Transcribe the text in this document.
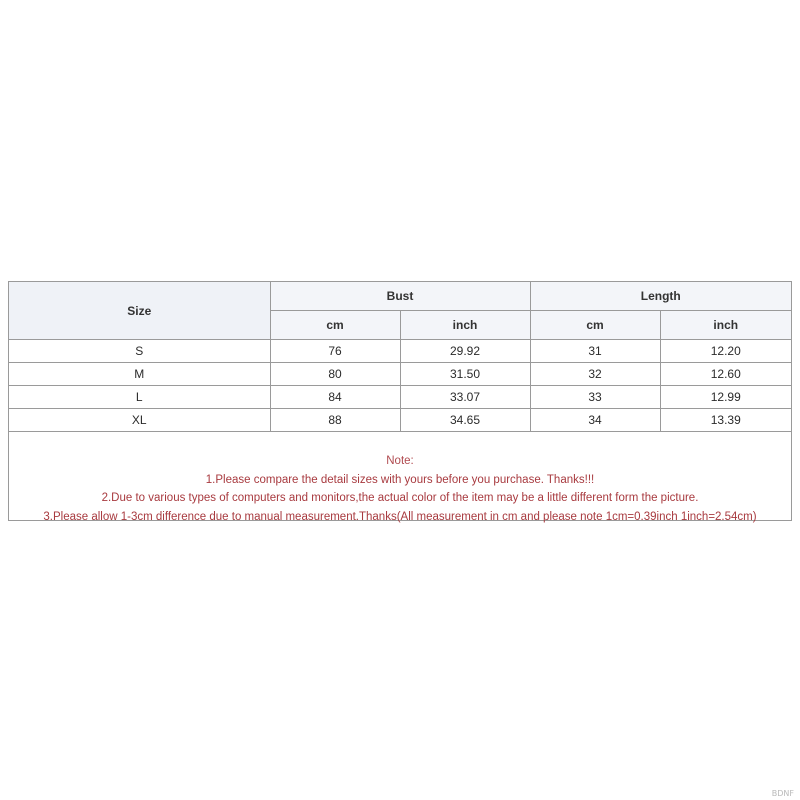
Size	Bust		Length	
	cm	inch	cm	inch
S	76	29.92	31	12.20
M	80	31.50	32	12.60
L	84	33.07	33	12.99
XL	88	34.65	34	13.39
Note:
1.Please compare the detail sizes with yours before you purchase. Thanks!!!
2.Due to various types of computers and monitors,the actual color of the item may be a little different form the picture.
3.Please allow 1-3cm difference due to manual measurement.Thanks(All measurement in cm and please note 1cm=0.39inch 1inch=2.54cm)
BDNF
